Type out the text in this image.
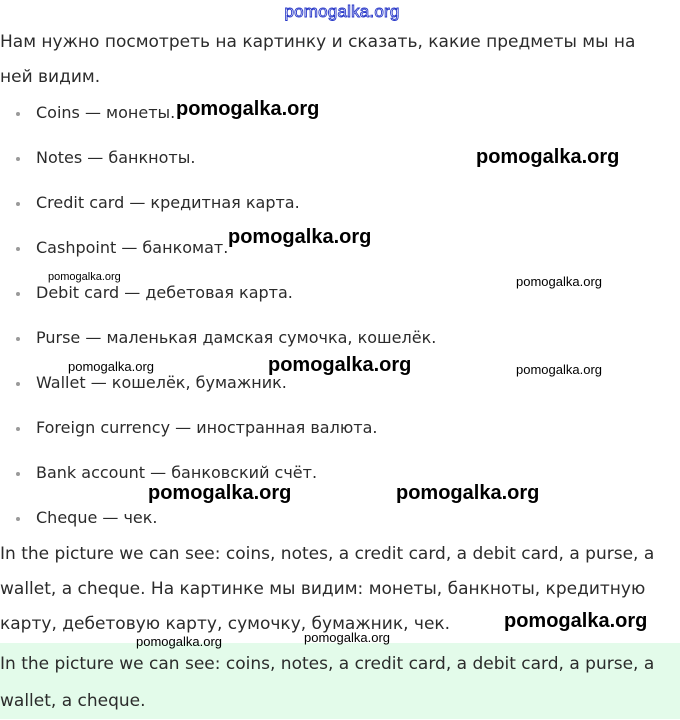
pomogalka.org

Нам нужно посмотреть на картинку и сказать, какие предметы мы на ней видим.

Coins — монеты.
Notes — банкноты.
Credit card — кредитная карта.
Cashpoint — банкомат.
Debit card — дебетовая карта.
Purse — маленькая дамская сумочка, кошелёк.
Wallet — кошелёк, бумажник.
Foreign currency — иностранная валюта.
Bank account — банковский счёт.
Cheque — чек.

In the picture we can see: coins, notes, a credit card, a debit card, a purse, a wallet, a cheque. На картинке мы видим: монеты, банкноты, кредитную карту, дебетовую карту, сумочку, бумажник, чек.

In the picture we can see: coins, notes, a credit card, a debit card, a purse, a wallet, a cheque.

pomogalka.org
pomogalka.org
pomogalka.org
pomogalka.org	pomogalka.org
pomogalka.org	pomogalka.org	pomogalka.org
pomogalka.org	pomogalka.org
pomogalka.org
pomogalka.org
pomogalka.org
